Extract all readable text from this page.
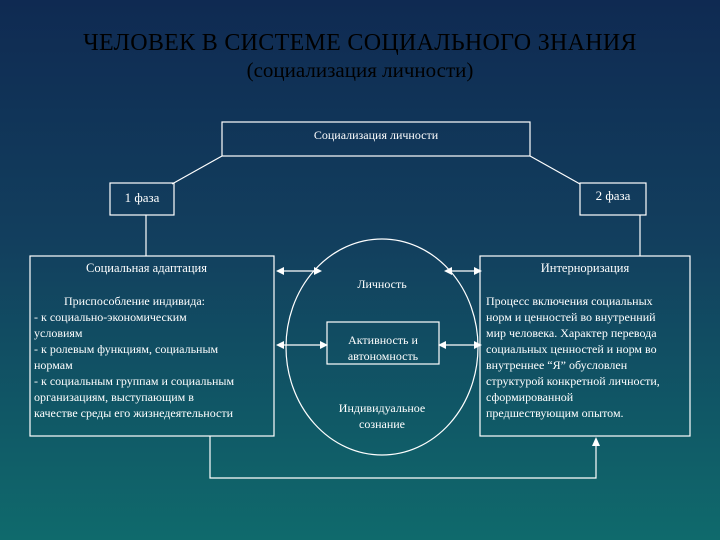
ЧЕЛОВЕК В СИСТЕМЕ СОЦИАЛЬНОГО ЗНАНИЯ
(социализация личности)
Социализация личности
1 фаза	2 фаза
Социальная адаптация
Приспособление индивида:
- к социально-экономическим
условиям
- к ролевым функциям, социальным
нормам
- к социальным группам и социальным
организациям, выступающим в
качестве среды его жизнедеятельности
Личность
Активность и
автономность
Индивидуальное
сознание
Интерноризация
Процесс включения социальных
норм и ценностей во внутренний
мир человека. Характер перевода
социальных ценностей и норм во
внутреннее “Я” обусловлен
структурой конкретной личности,
сформированной
предшествующим опытом.
